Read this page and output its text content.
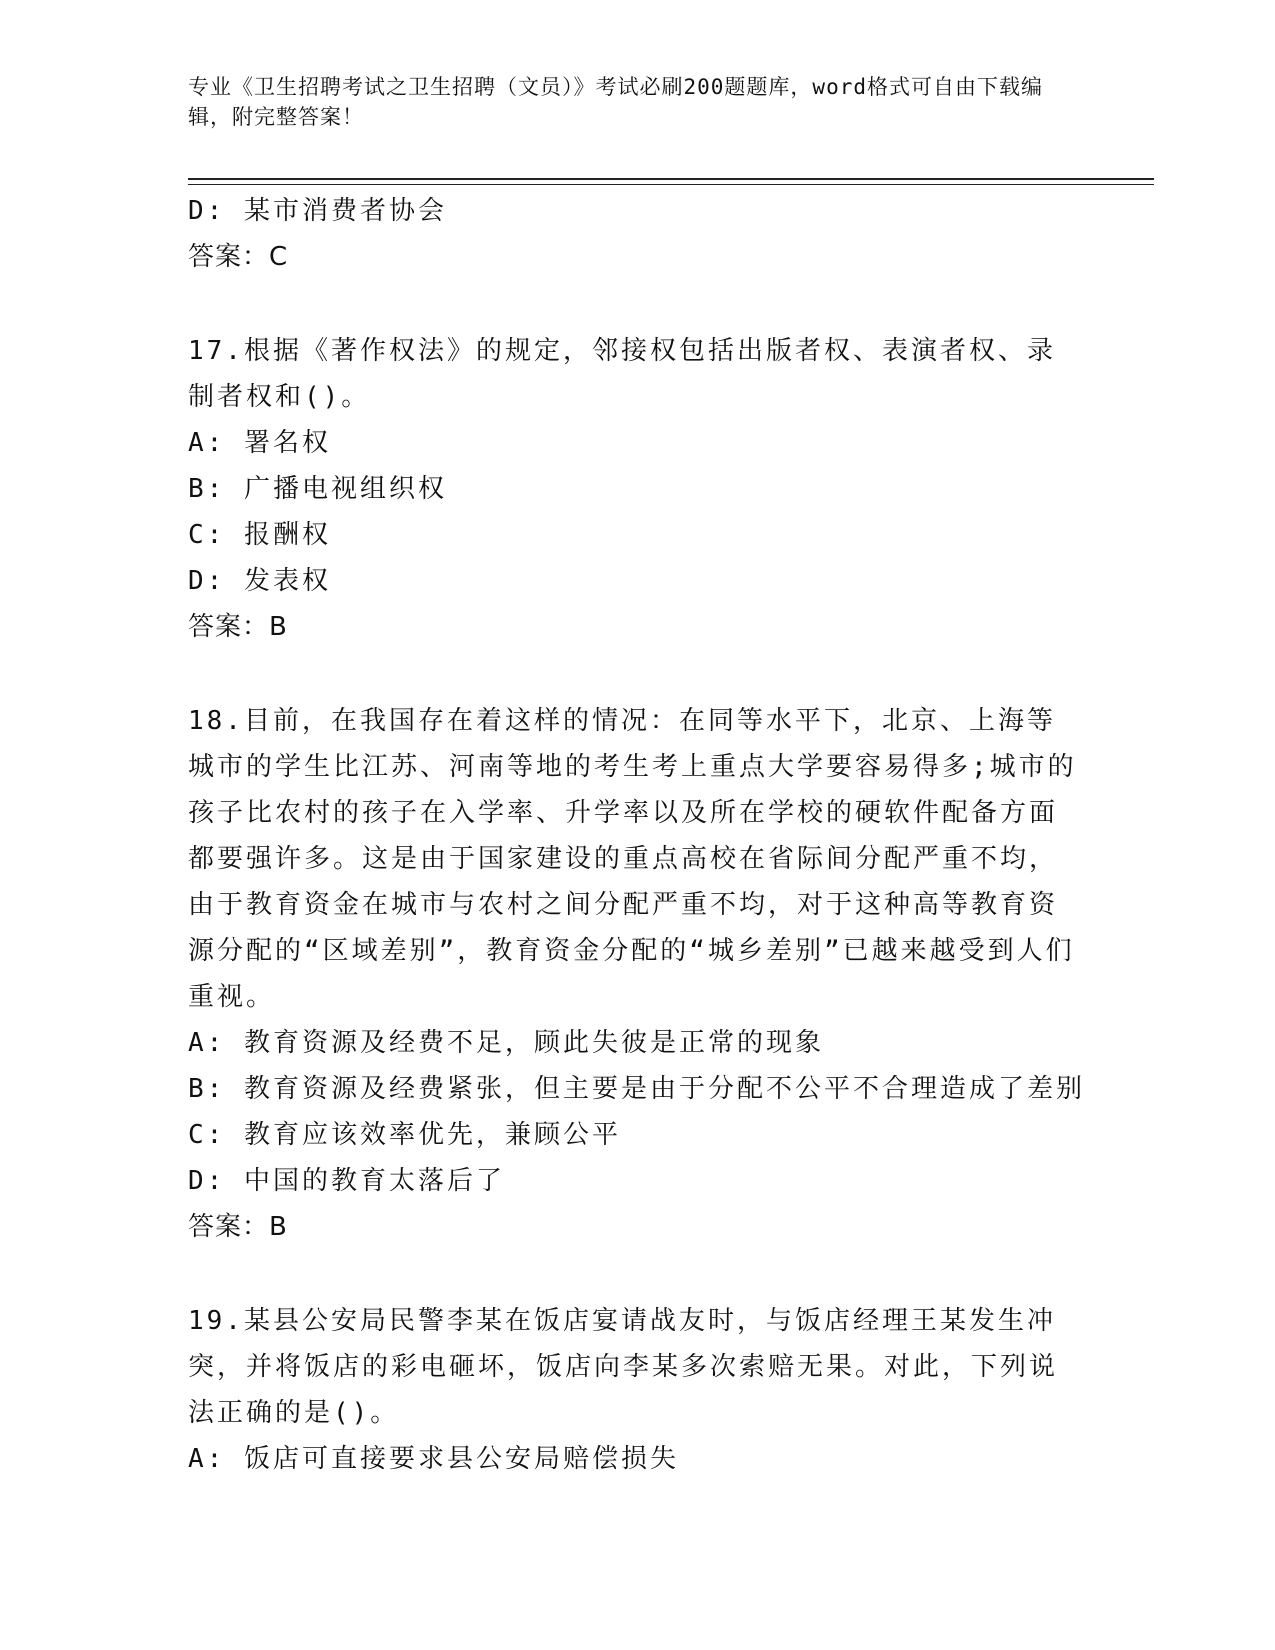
专业《卫生招聘考试之卫生招聘（文员）》考试必刷200题题库，word格式可自由下载编辑，附完整答案！
D: 某市消费者协会
答案：C
17.根据《著作权法》的规定，邻接权包括出版者权、表演者权、录制者权和()。
A: 署名权
B: 广播电视组织权
C: 报酬权
D: 发表权
答案：B
18.目前，在我国存在着这样的情况：在同等水平下，北京、上海等城市的学生比江苏、河南等地的考生考上重点大学要容易得多;城市的孩子比农村的孩子在入学率、升学率以及所在学校的硬软件配备方面都要强许多。这是由于国家建设的重点高校在省际间分配严重不均，由于教育资金在城市与农村之间分配严重不均，对于这种高等教育资源分配的“区域差别”，教育资金分配的“城乡差别”已越来越受到人们重视。
A: 教育资源及经费不足，顾此失彼是正常的现象
B: 教育资源及经费紧张，但主要是由于分配不公平不合理造成了差别
C: 教育应该效率优先，兼顾公平
D: 中国的教育太落后了
答案：B
19.某县公安局民警李某在饭店宴请战友时，与饭店经理王某发生冲突，并将饭店的彩电砸坏，饭店向李某多次索赔无果。对此，下列说法正确的是()。
A: 饭店可直接要求县公安局赔偿损失
